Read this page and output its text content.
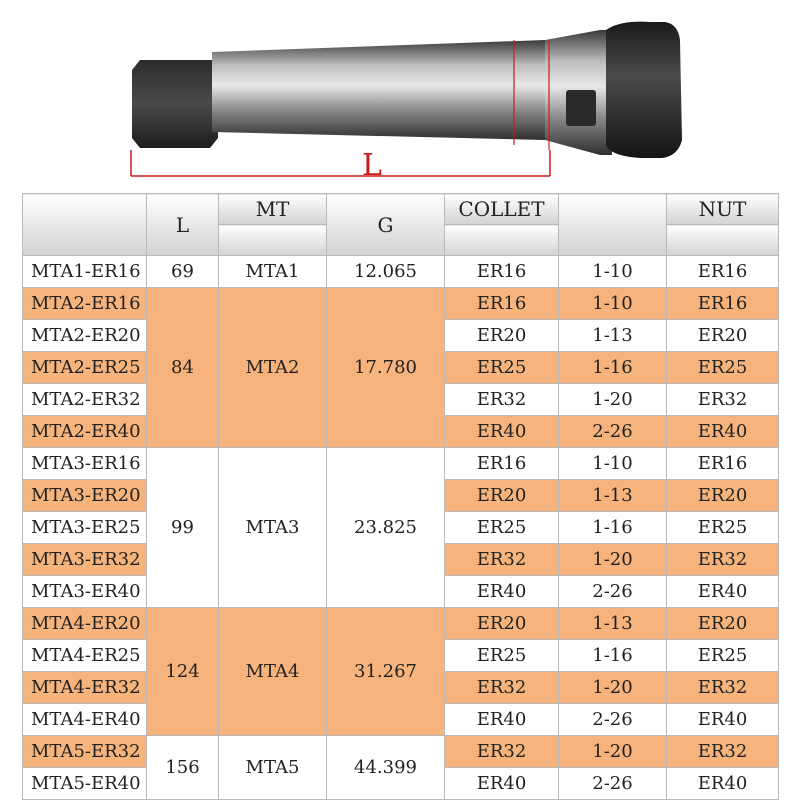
L
	L	MT	G	COLLET		NUT

MTA1-ER16	69	MTA1	12.065	ER16	1-10	ER16
MTA2-ER16	84	MTA2	17.780	ER16	1-10	ER16
MTA2-ER20				ER20	1-13	ER20
MTA2-ER25				ER25	1-16	ER25
MTA2-ER32				ER32	1-20	ER32
MTA2-ER40				ER40	2-26	ER40
MTA3-ER16	99	MTA3	23.825	ER16	1-10	ER16
MTA3-ER20				ER20	1-13	ER20
MTA3-ER25				ER25	1-16	ER25
MTA3-ER32				ER32	1-20	ER32
MTA3-ER40				ER40	2-26	ER40
MTA4-ER20	124	MTA4	31.267	ER20	1-13	ER20
MTA4-ER25				ER25	1-16	ER25
MTA4-ER32				ER32	1-20	ER32
MTA4-ER40				ER40	2-26	ER40
MTA5-ER32	156	MTA5	44.399	ER32	1-20	ER32
MTA5-ER40				ER40	2-26	ER40
